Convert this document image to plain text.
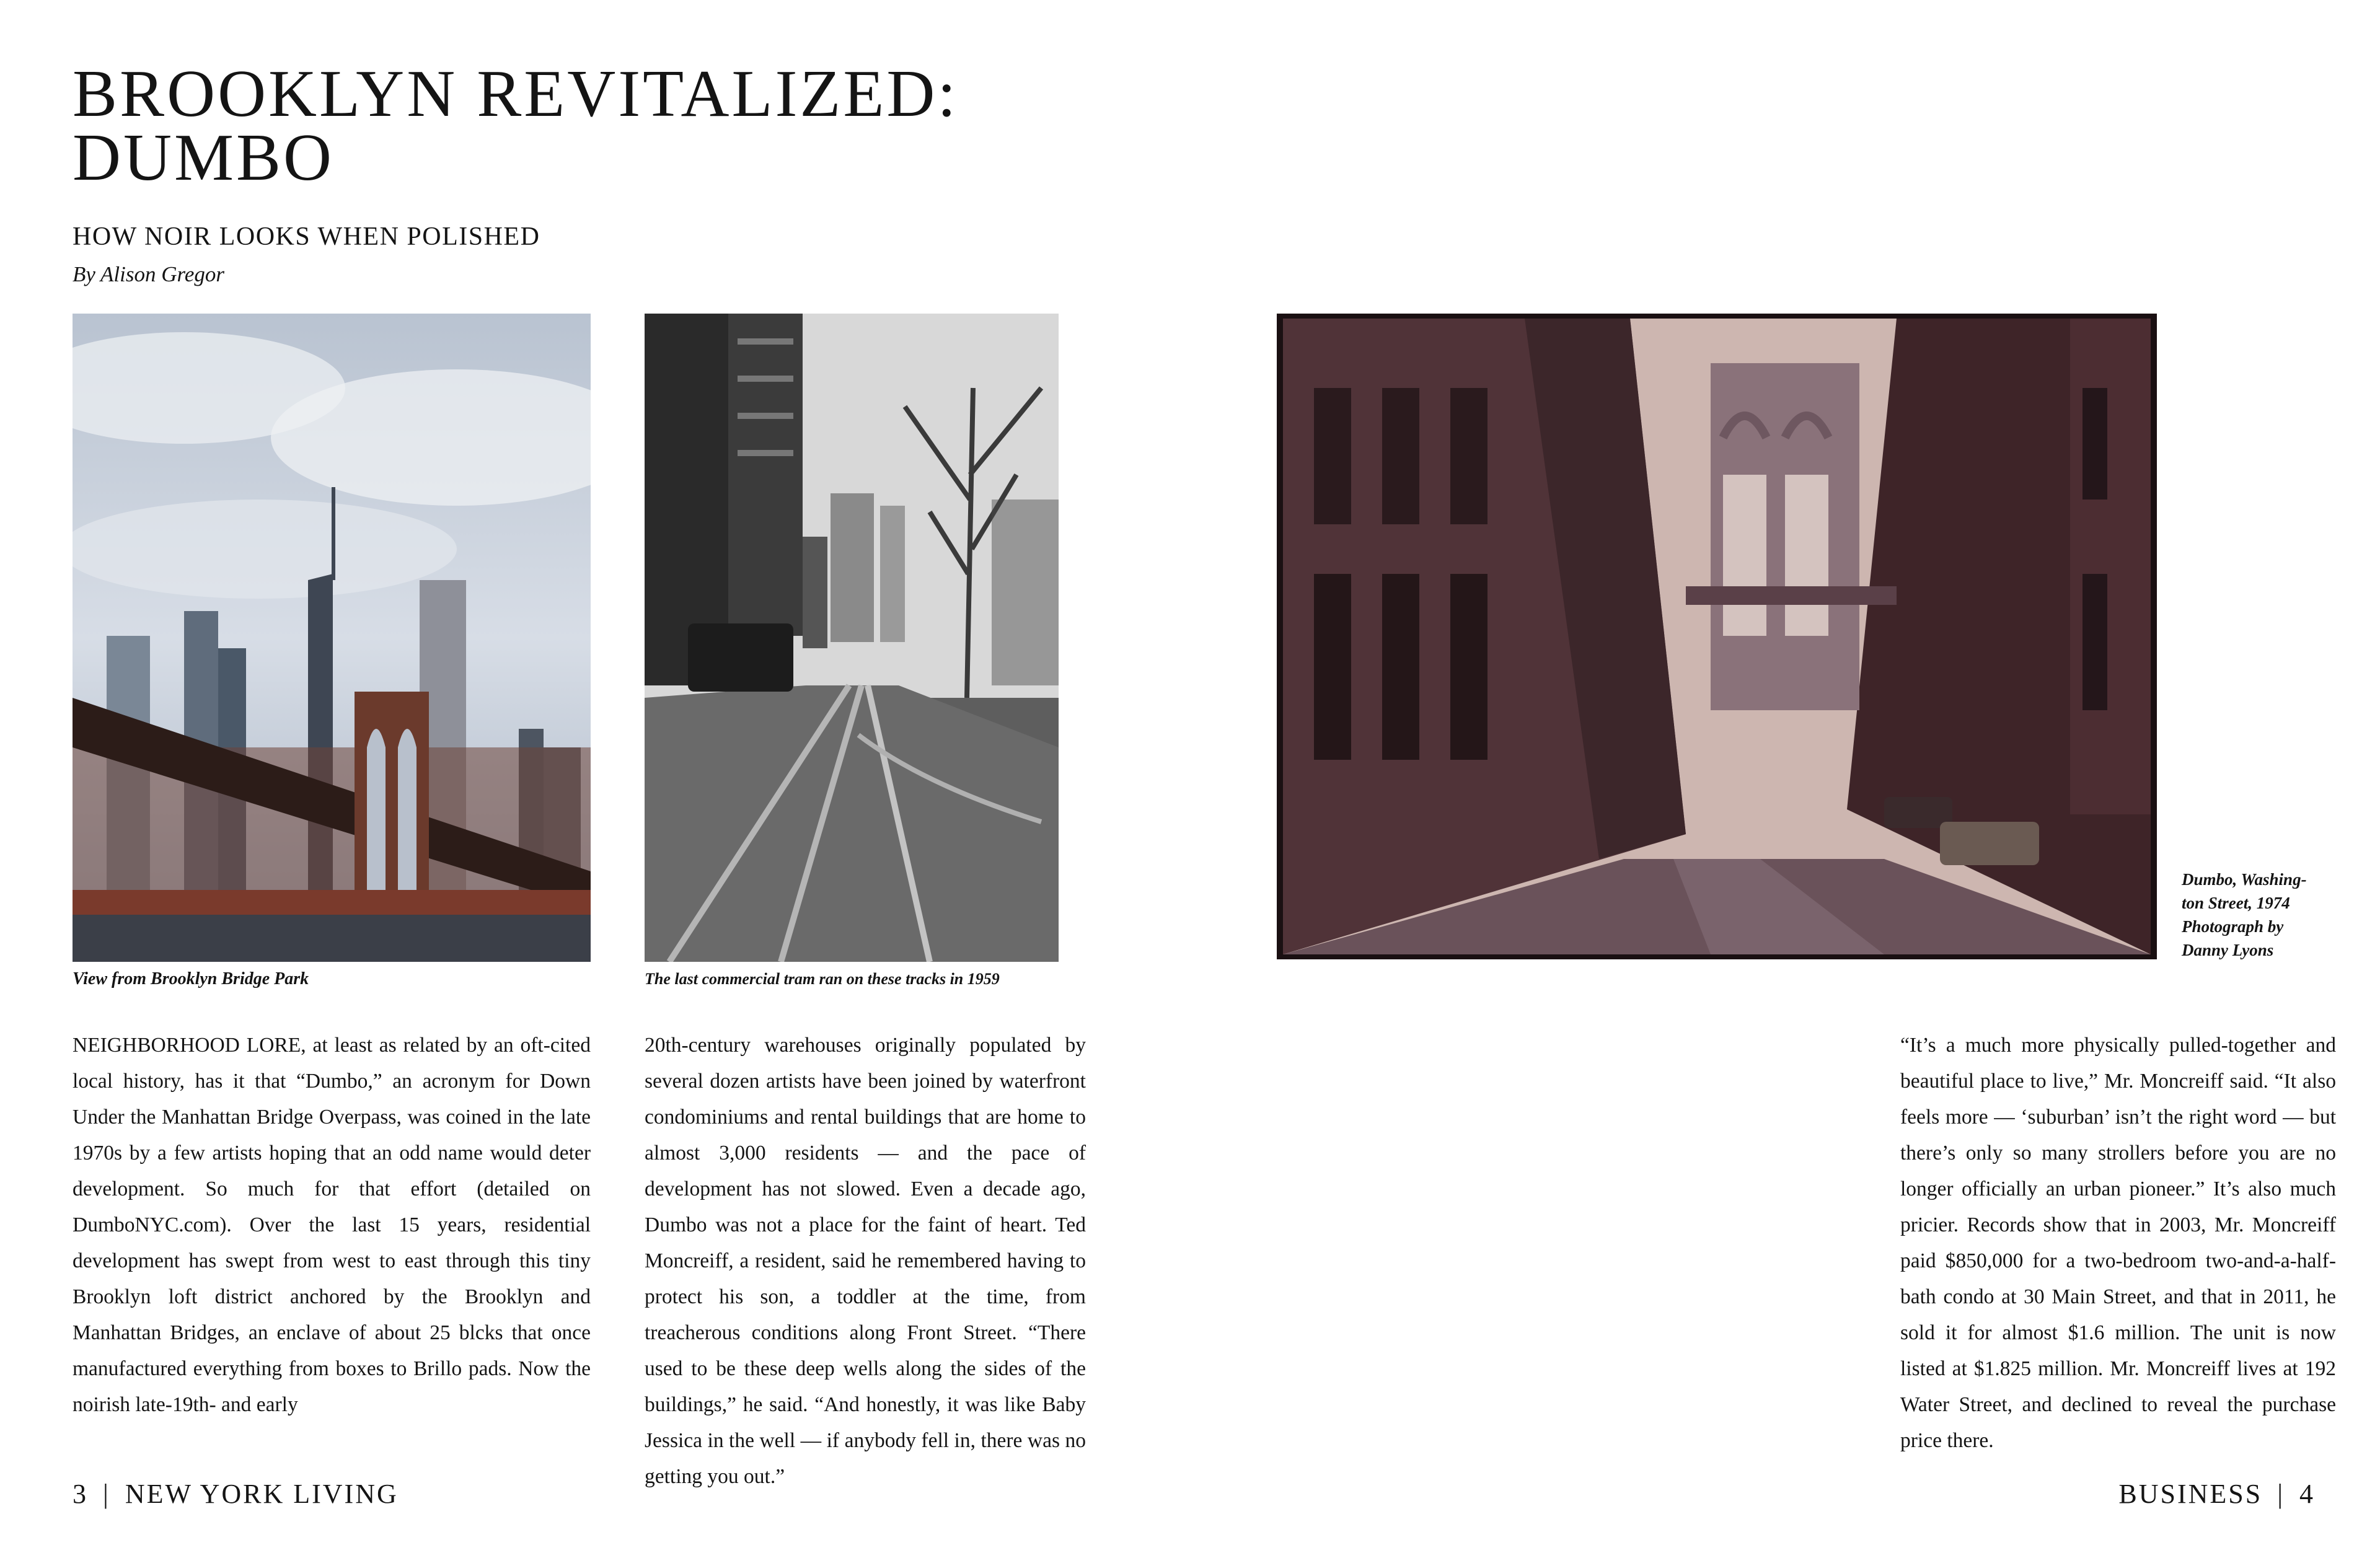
BROOKLYN REVITALIZED:
DUMBO
HOW NOIR LOOKS WHEN POLISHED
By Alison Gregor
View from Brooklyn Bridge Park	The last commercial tram ran on these tracks in 1959
Dumbo, Washing-
ton Street, 1974
Photograph by
Danny Lyons

NEIGHBORHOOD LORE, at least as related by an oft-cited local history, has it that “Dumbo,” an acronym for Down Under the Manhattan Bridge Overpass, was coined in the late 1970s by a few artists hoping that an odd name would deter development. So much for that effort (detailed on DumboNYC.com). Over the last 15 years, residential development has swept from west to east through this tiny Brooklyn loft district anchored by the Brooklyn and Manhattan Bridges, an enclave of about 25 blcks that once manufactured everything from boxes to Brillo pads. Now the noirish late-19th- and early

20th-century warehouses originally populated by several dozen artists have been joined by waterfront condominiums and rental buildings that are home to almost 3,000 residents — and the pace of development has not slowed. Even a decade ago, Dumbo was not a place for the faint of heart. Ted Moncreiff, a resident, said he remembered having to protect his son, a toddler at the time, from treacherous conditions along Front Street. “There used to be these deep wells along the sides of the buildings,” he said. “And honestly, it was like Baby Jessica in the well — if anybody fell in, there was no getting you out.”

“It’s a much more physically pulled-together and beautiful place to live,” Mr. Moncreiff said. “It also feels more — ‘suburban’ isn’t the right word — but there’s only so many strollers before you are no longer officially an urban pioneer.” It’s also much pricier. Records show that in 2003, Mr. Moncreiff paid $850,000 for a two-bedroom two-and-a-half-bath condo at 30 Main Street, and that in 2011, he sold it for almost $1.6 million. The unit is now listed at $1.825 million. Mr. Moncreiff lives at 192 Water Street, and declined to reveal the purchase price there.

3 | NEW YORK LIVING	BUSINESS | 4
